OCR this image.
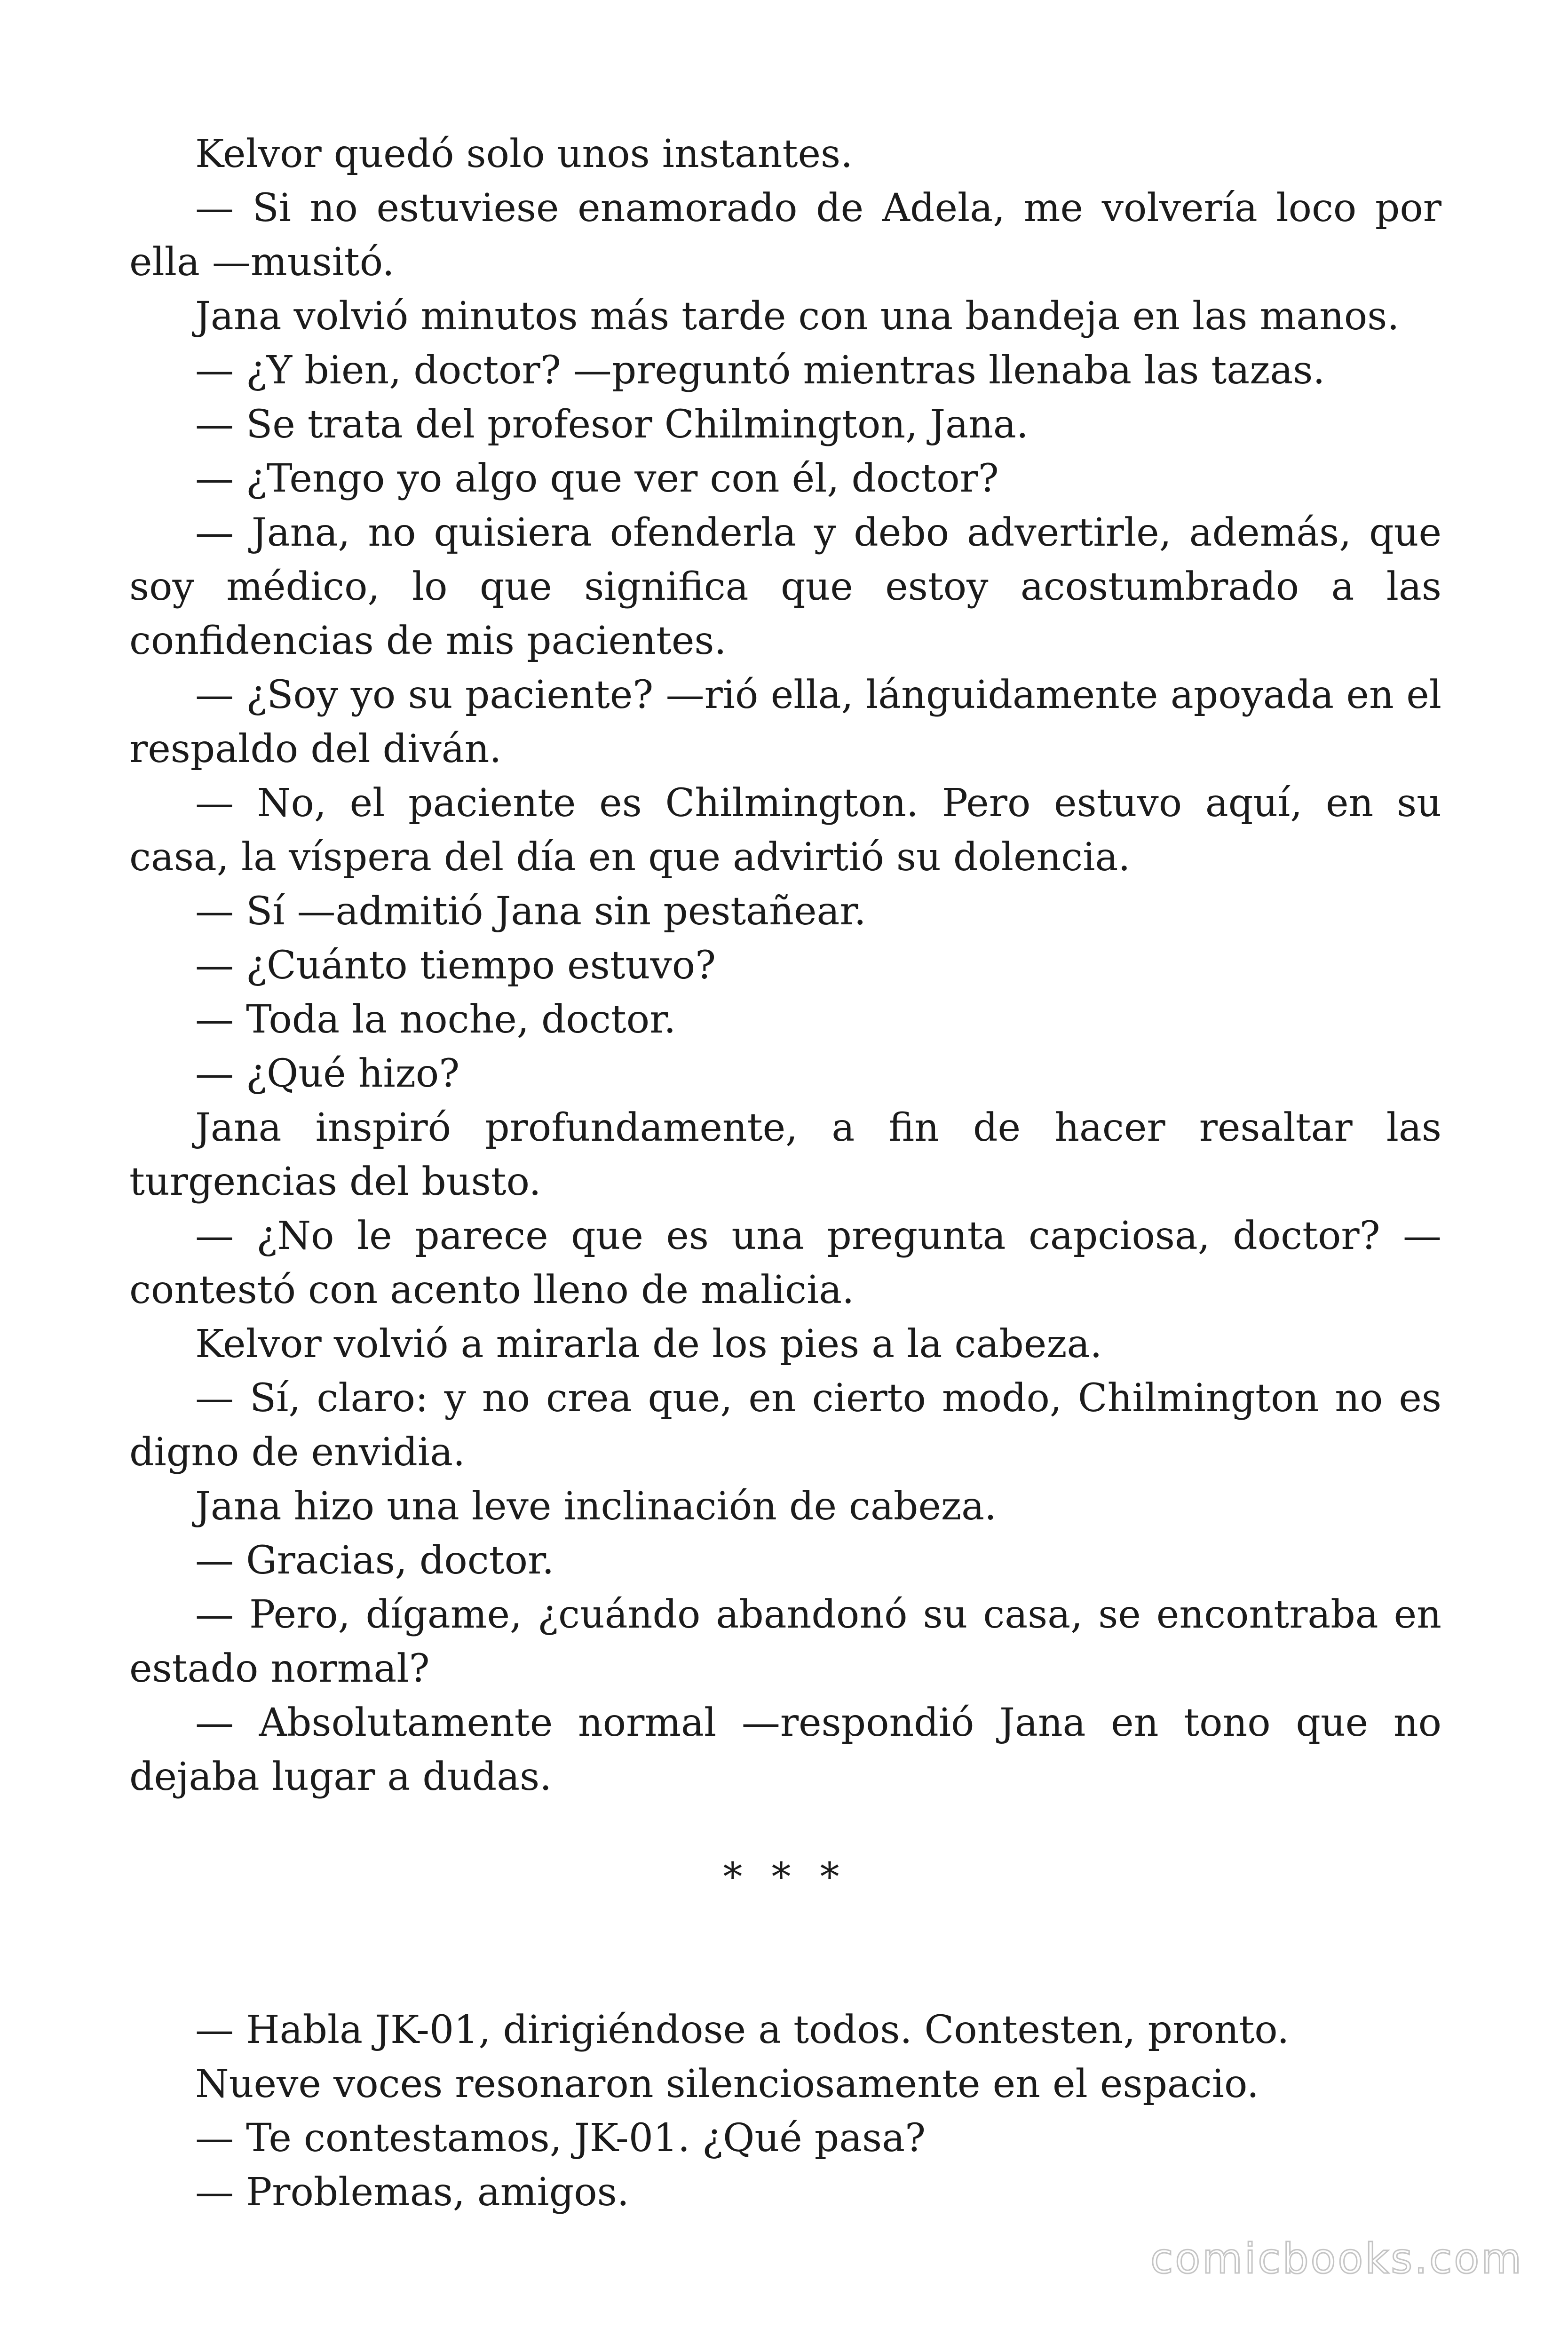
Kelvor quedó solo unos instantes.

— Si no estuviese enamorado de Adela, me volvería loco por ella —musitó.

Jana volvió minutos más tarde con una bandeja en las manos.

— ¿Y bien, doctor? —preguntó mientras llenaba las tazas.

— Se trata del profesor Chilmington, Jana.

— ¿Tengo yo algo que ver con él, doctor?

— Jana, no quisiera ofenderla y debo advertirle, además, que soy médico, lo que significa que estoy acostumbrado a las confidencias de mis pacientes.

— ¿Soy yo su paciente? —rió ella, lánguidamente apoyada en el respaldo del diván.

— No, el paciente es Chilmington. Pero estuvo aquí, en su casa, la víspera del día en que advirtió su dolencia.

— Sí —admitió Jana sin pestañear.

— ¿Cuánto tiempo estuvo?

— Toda la noche, doctor.

— ¿Qué hizo?

Jana inspiró profundamente, a fin de hacer resaltar las turgencias del busto.

— ¿No le parece que es una pregunta capciosa, doctor? —contestó con acento lleno de malicia.

Kelvor volvió a mirarla de los pies a la cabeza.

— Sí, claro: y no crea que, en cierto modo, Chilmington no es digno de envidia.

Jana hizo una leve inclinación de cabeza.

— Gracias, doctor.

— Pero, dígame, ¿cuándo abandonó su casa, se encontraba en estado normal?

— Absolutamente normal —respondió Jana en tono que no dejaba lugar a dudas.

* * *

— Habla JK-01, dirigiéndose a todos. Contesten, pronto.

Nueve voces resonaron silenciosamente en el espacio.

— Te contestamos, JK-01. ¿Qué pasa?

— Problemas, amigos.

comicbooks.com
